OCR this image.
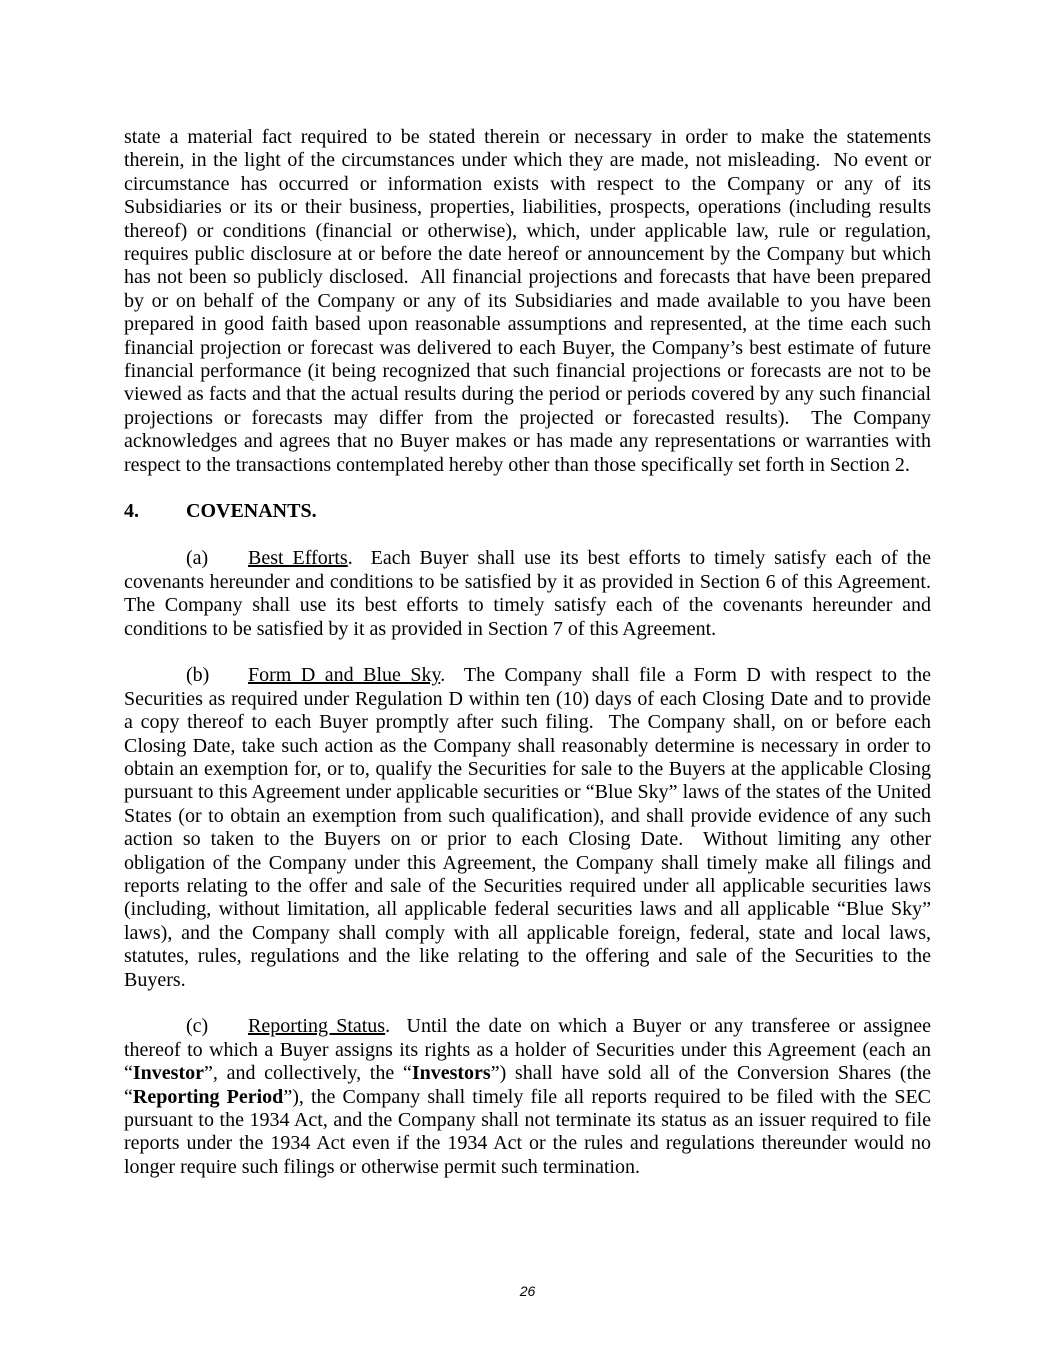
state a material fact required to be stated therein or necessary in order to make the statements therein, in the light of the circumstances under which they are made, not misleading.  No event or circumstance has occurred or information exists with respect to the Company or any of its Subsidiaries or its or their business, properties, liabilities, prospects, operations (including results thereof) or conditions (financial or otherwise), which, under applicable law, rule or regulation, requires public disclosure at or before the date hereof or announcement by the Company but which has not been so publicly disclosed.  All financial projections and forecasts that have been prepared by or on behalf of the Company or any of its Subsidiaries and made available to you have been prepared in good faith based upon reasonable assumptions and represented, at the time each such financial projection or forecast was delivered to each Buyer, the Company’s best estimate of future financial performance (it being recognized that such financial projections or forecasts are not to be viewed as facts and that the actual results during the period or periods covered by any such financial projections or forecasts may differ from the projected or forecasted results).  The Company acknowledges and agrees that no Buyer makes or has made any representations or warranties with respect to the transactions contemplated hereby other than those specifically set forth in Section 2.

4. COVENANTS.

(a) Best Efforts.  Each Buyer shall use its best efforts to timely satisfy each of the covenants hereunder and conditions to be satisfied by it as provided in Section 6 of this Agreement.  The Company shall use its best efforts to timely satisfy each of the covenants hereunder and conditions to be satisfied by it as provided in Section 7 of this Agreement.

(b) Form D and Blue Sky.  The Company shall file a Form D with respect to the Securities as required under Regulation D within ten (10) days of each Closing Date and to provide a copy thereof to each Buyer promptly after such filing.  The Company shall, on or before each Closing Date, take such action as the Company shall reasonably determine is necessary in order to obtain an exemption for, or to, qualify the Securities for sale to the Buyers at the applicable Closing pursuant to this Agreement under applicable securities or “Blue Sky” laws of the states of the United States (or to obtain an exemption from such qualification), and shall provide evidence of any such action so taken to the Buyers on or prior to each Closing Date.  Without limiting any other obligation of the Company under this Agreement, the Company shall timely make all filings and reports relating to the offer and sale of the Securities required under all applicable securities laws (including, without limitation, all applicable federal securities laws and all applicable “Blue Sky” laws), and the Company shall comply with all applicable foreign, federal, state and local laws, statutes, rules, regulations and the like relating to the offering and sale of the Securities to the Buyers.

(c) Reporting Status.  Until the date on which a Buyer or any transferee or assignee thereof to which a Buyer assigns its rights as a holder of Securities under this Agreement (each an “Investor”, and collectively, the “Investors”) shall have sold all of the Conversion Shares (the “Reporting Period”), the Company shall timely file all reports required to be filed with the SEC pursuant to the 1934 Act, and the Company shall not terminate its status as an issuer required to file reports under the 1934 Act even if the 1934 Act or the rules and regulations thereunder would no longer require such filings or otherwise permit such termination.

26
